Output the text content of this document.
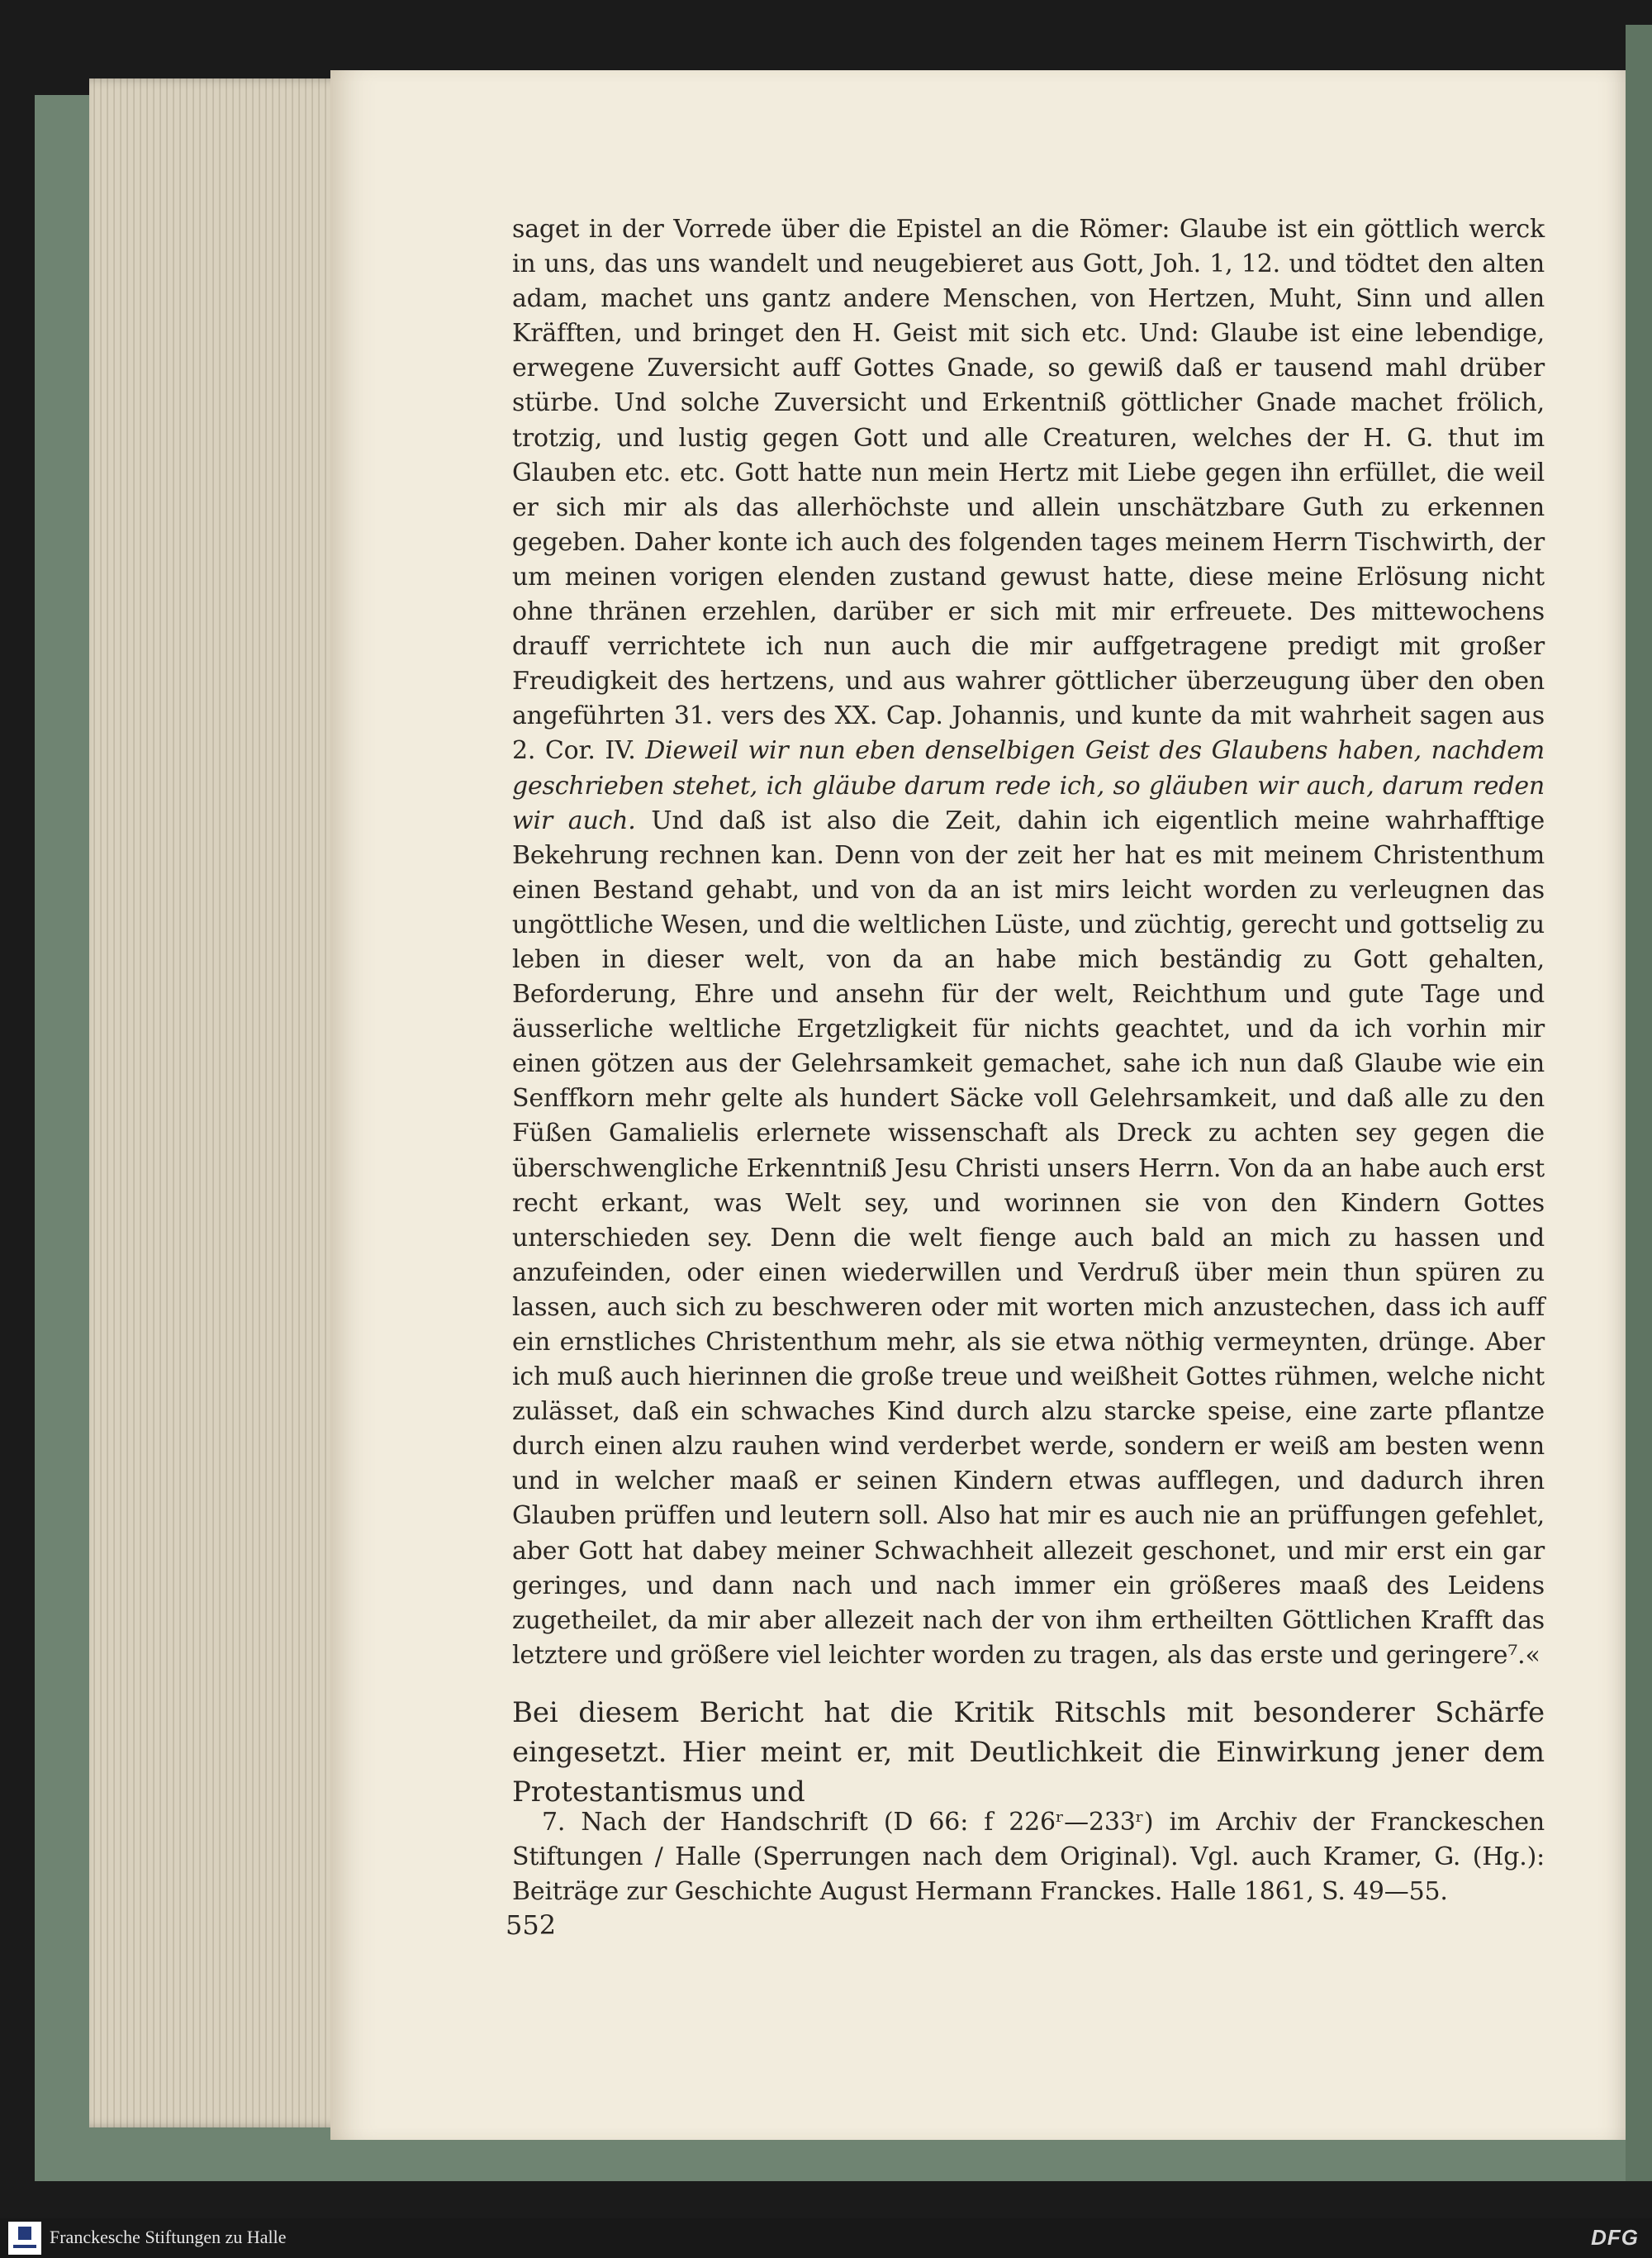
saget in der Vorrede über die Epistel an die Römer: Glaube ist ein göttlich werck in uns, das uns wandelt und neugebieret aus Gott, Joh. 1, 12. und tödtet den alten adam, machet uns gantz andere Menschen, von Hertzen, Muht, Sinn und allen Kräfften, und bringet den H. Geist mit sich etc. Und: Glaube ist eine lebendige, erwegene Zuversicht auff Gottes Gnade, so gewiß daß er tausend mahl drüber stürbe. Und solche Zuversicht und Erkentniß göttlicher Gnade machet frölich, trotzig, und lustig gegen Gott und alle Creaturen, welches der H. G. thut im Glauben etc. etc. Gott hatte nun mein Hertz mit Liebe gegen ihn erfüllet, die weil er sich mir als das allerhöchste und allein unschätzbare Guth zu erkennen gegeben. Daher konte ich auch des folgenden tages meinem Herrn Tischwirth, der um meinen vorigen elenden zustand gewust hatte, diese meine Erlösung nicht ohne thränen erzehlen, darüber er sich mit mir erfreuete. Des mittewochens drauff verrichtete ich nun auch die mir auffgetragene predigt mit großer Freudigkeit des hertzens, und aus wahrer göttlicher überzeugung über den oben angeführten 31. vers des XX. Cap. Johannis, und kunte da mit wahrheit sagen aus 2. Cor. IV. Dieweil wir nun eben denselbigen Geist des Glaubens haben, nachdem geschrieben stehet, ich gläube darum rede ich, so gläuben wir auch, darum reden wir auch. Und daß ist also die Zeit, dahin ich eigentlich meine wahrhafftige Bekehrung rechnen kan. Denn von der zeit her hat es mit meinem Christenthum einen Bestand gehabt, und von da an ist mirs leicht worden zu verleugnen das ungöttliche Wesen, und die weltlichen Lüste, und züchtig, gerecht und gottselig zu leben in dieser welt, von da an habe mich beständig zu Gott gehalten, Beforderung, Ehre und ansehn für der welt, Reichthum und gute Tage und äusserliche weltliche Ergetzligkeit für nichts geachtet, und da ich vorhin mir einen götzen aus der Gelehrsamkeit gemachet, sahe ich nun daß Glaube wie ein Senffkorn mehr gelte als hundert Säcke voll Gelehrsamkeit, und daß alle zu den Füßen Gamalielis erlernete wissenschaft als Dreck zu achten sey gegen die überschwengliche Erkenntniß Jesu Christi unsers Herrn. Von da an habe auch erst recht erkant, was Welt sey, und worinnen sie von den Kindern Gottes unterschieden sey. Denn die welt fienge auch bald an mich zu hassen und anzufeinden, oder einen wiederwillen und Verdruß über mein thun spüren zu lassen, auch sich zu beschweren oder mit worten mich anzustechen, dass ich auff ein ernstliches Christenthum mehr, als sie etwa nöthig vermeynten, drünge. Aber ich muß auch hierinnen die große treue und weißheit Gottes rühmen, welche nicht zulässet, daß ein schwaches Kind durch alzu starcke speise, eine zarte pflantze durch einen alzu rauhen wind verderbet werde, sondern er weiß am besten wenn und in welcher maaß er seinen Kindern etwas aufflegen, und dadurch ihren Glauben prüffen und leutern soll. Also hat mir es auch nie an prüffungen gefehlet, aber Gott hat dabey meiner Schwachheit allezeit geschonet, und mir erst ein gar geringes, und dann nach und nach immer ein größeres maaß des Leidens zugetheilet, da mir aber allezeit nach der von ihm ertheilten Göttlichen Krafft das letztere und größere viel leichter worden zu tragen, als das erste und geringere⁷.«

Bei diesem Bericht hat die Kritik Ritschls mit besonderer Schärfe eingesetzt. Hier meint er, mit Deutlichkeit die Einwirkung jener dem Protestantismus und

7. Nach der Handschrift (D 66: f 226ʳ—233ʳ) im Archiv der Franckeschen Stiftungen / Halle (Sperrungen nach dem Original). Vgl. auch Kramer, G. (Hg.): Beiträge zur Geschichte August Hermann Franckes. Halle 1861, S. 49—55.

552
Franckesche Stiftungen zu Halle	DFG
